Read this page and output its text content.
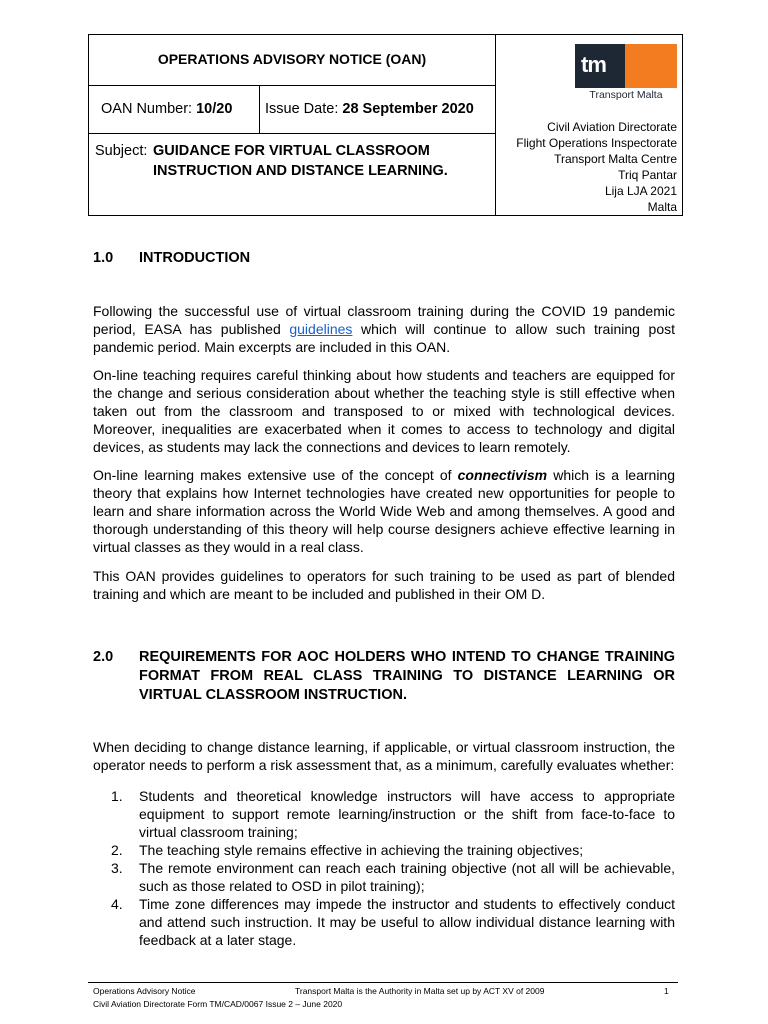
OPERATIONS ADVISORY NOTICE (OAN)
OAN Number: 10/20 Issue Date: 28 September 2020
Subject: GUIDANCE FOR VIRTUAL CLASSROOM
INSTRUCTION AND DISTANCE LEARNING.
tm
Transport Malta
Civil Aviation Directorate
Flight Operations Inspectorate
Transport Malta Centre
Triq Pantar
Lija LJA 2021
Malta
1.0 INTRODUCTION
Following the successful use of virtual classroom training during the COVID 19 pandemic period, EASA has published guidelines which will continue to allow such training post pandemic period. Main excerpts are included in this OAN.
On-line teaching requires careful thinking about how students and teachers are equipped for the change and serious consideration about whether the teaching style is still effective when taken out from the classroom and transposed to or mixed with technological devices. Moreover, inequalities are exacerbated when it comes to access to technology and digital devices, as students may lack the connections and devices to learn remotely.
On-line learning makes extensive use of the concept of connectivism which is a learning theory that explains how Internet technologies have created new opportunities for people to learn and share information across the World Wide Web and among themselves. A good and thorough understanding of this theory will help course designers achieve effective learning in virtual classes as they would in a real class.
This OAN provides guidelines to operators for such training to be used as part of blended training and which are meant to be included and published in their OM D.
2.0 REQUIREMENTS FOR AOC HOLDERS WHO INTEND TO CHANGE TRAINING FORMAT FROM REAL CLASS TRAINING TO DISTANCE LEARNING OR VIRTUAL CLASSROOM INSTRUCTION.
When deciding to change distance learning, if applicable, or virtual classroom instruction, the operator needs to perform a risk assessment that, as a minimum, carefully evaluates whether:
1. Students and theoretical knowledge instructors will have access to appropriate equipment to support remote learning/instruction or the shift from face-to-face to virtual classroom training;
2. The teaching style remains effective in achieving the training objectives;
3. The remote environment can reach each training objective (not all will be achievable, such as those related to OSD in pilot training);
4. Time zone differences may impede the instructor and students to effectively conduct and attend such instruction. It may be useful to allow individual distance learning with feedback at a later stage.
Operations Advisory Notice	Transport Malta is the Authority in Malta set up by ACT XV of 2009	1
Civil Aviation Directorate Form TM/CAD/0067 Issue 2 – June 2020
